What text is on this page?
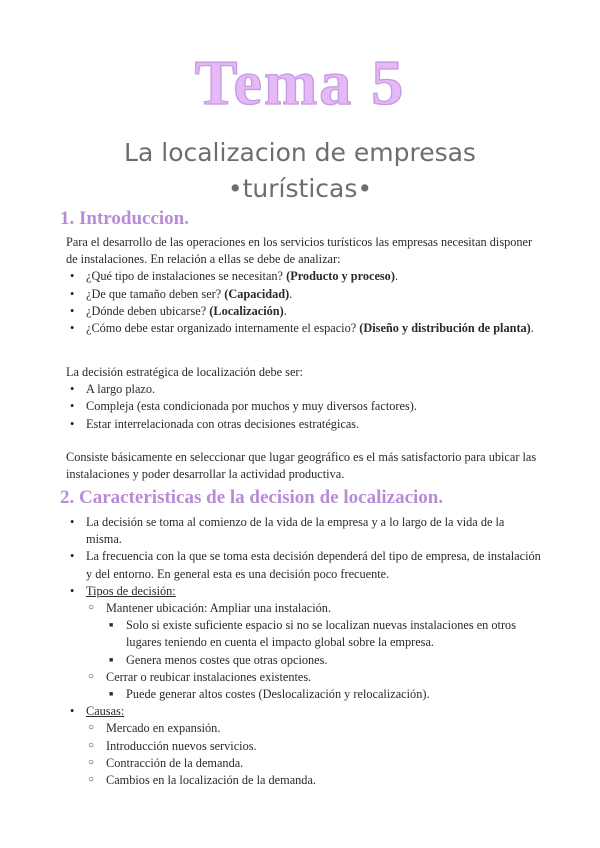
Tema 5
La localizacion de empresas
•turísticas•
1. Introduccion.

Para el desarrollo de las operaciones en los servicios turísticos las empresas necesitan disponer de instalaciones. En relación a ellas se debe de analizar:

• ¿Qué tipo de instalaciones se necesitan? (Producto y proceso).
• ¿De que tamaño deben ser? (Capacidad).
• ¿Dónde deben ubicarse? (Localización).
• ¿Cómo debe estar organizado internamente el espacio? (Diseño y distribución de planta).

La decisión estratégica de localización debe ser:

• A largo plazo.
• Compleja (esta condicionada por muchos y muy diversos factores).
• Estar interrelacionada con otras decisiones estratégicas.

Consiste básicamente en seleccionar que lugar geográfico es el más satisfactorio para ubicar las instalaciones y poder desarrollar la actividad productiva.

2. Caracteristicas de la decision de localizacion.
• La decisión se toma al comienzo de la vida de la empresa y a lo largo de la vida de la misma.
• La frecuencia con la que se toma esta decisión dependerá del tipo de empresa, de instalación y del entorno. En general esta es una decisión poco frecuente.
• Tipos de decisión:
○ Mantener ubicación: Ampliar una instalación.
■ Solo si existe suficiente espacio si no se localizan nuevas instalaciones en otros lugares teniendo en cuenta el impacto global sobre la empresa.
■ Genera menos costes que otras opciones.
○ Cerrar o reubicar instalaciones existentes.
■ Puede generar altos costes (Deslocalización y relocalización).
• Causas:
○ Mercado en expansión.
○ Introducción nuevos servicios.
○ Contracción de la demanda.
○ Cambios en la localización de la demanda.
